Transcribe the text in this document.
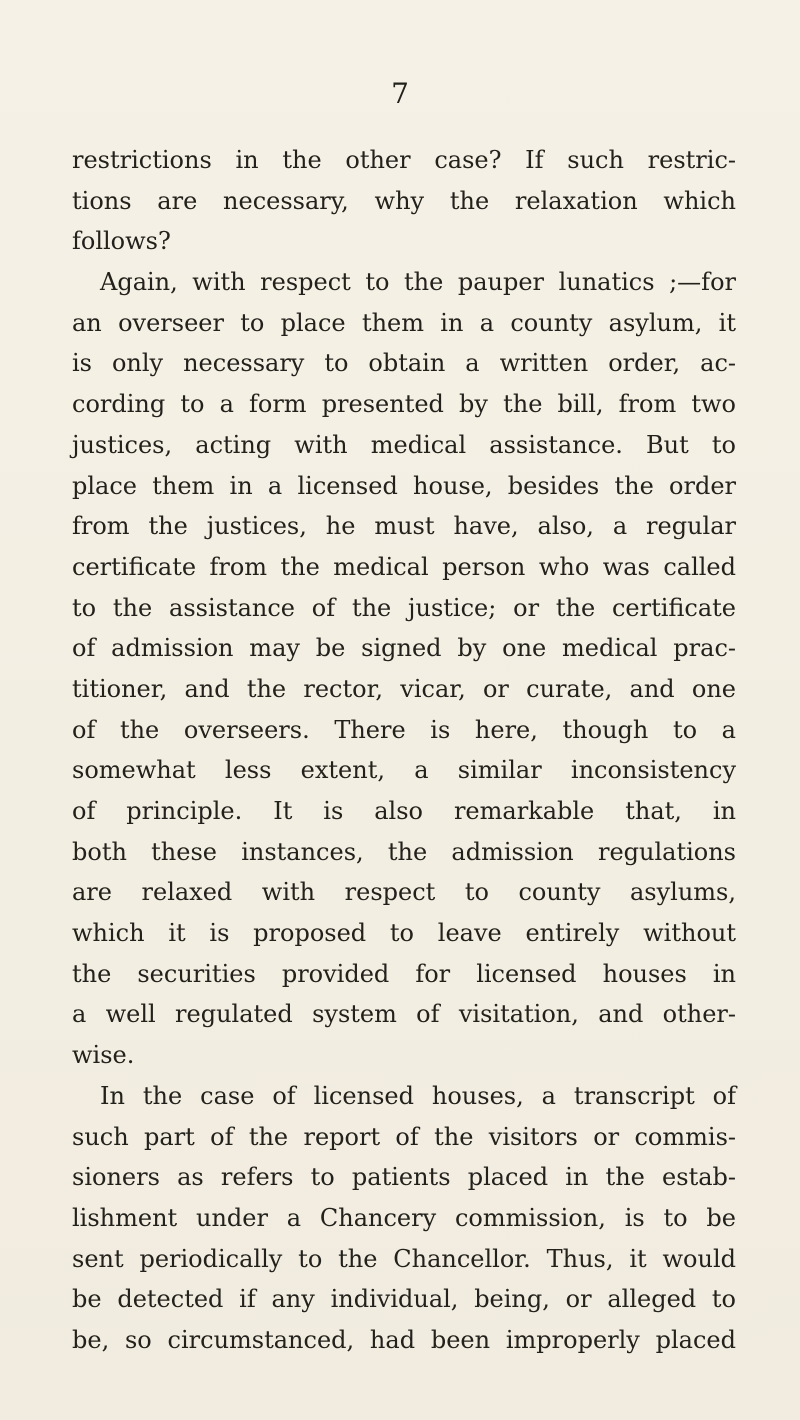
7
restrictions in the other case? If such restric-
tions are necessary, why the relaxation which
follows?
Again, with respect to the pauper lunatics ;—for
an overseer to place them in a county asylum, it
is only necessary to obtain a written order, ac-
cording to a form presented by the bill, from two
justices, acting with medical assistance. But to
place them in a licensed house, besides the order
from the justices, he must have, also, a regular
certificate from the medical person who was called
to the assistance of the justice; or the certificate
of admission may be signed by one medical prac-
titioner, and the rector, vicar, or curate, and one
of the overseers. There is here, though to a
somewhat less extent, a similar inconsistency
of principle. It is also remarkable that, in
both these instances, the admission regulations
are relaxed with respect to county asylums,
which it is proposed to leave entirely without
the securities provided for licensed houses in
a well regulated system of visitation, and other-
wise.
In the case of licensed houses, a transcript of
such part of the report of the visitors or commis-
sioners as refers to patients placed in the estab-
lishment under a Chancery commission, is to be
sent periodically to the Chancellor. Thus, it would
be detected if any individual, being, or alleged to
be, so circumstanced, had been improperly placed
